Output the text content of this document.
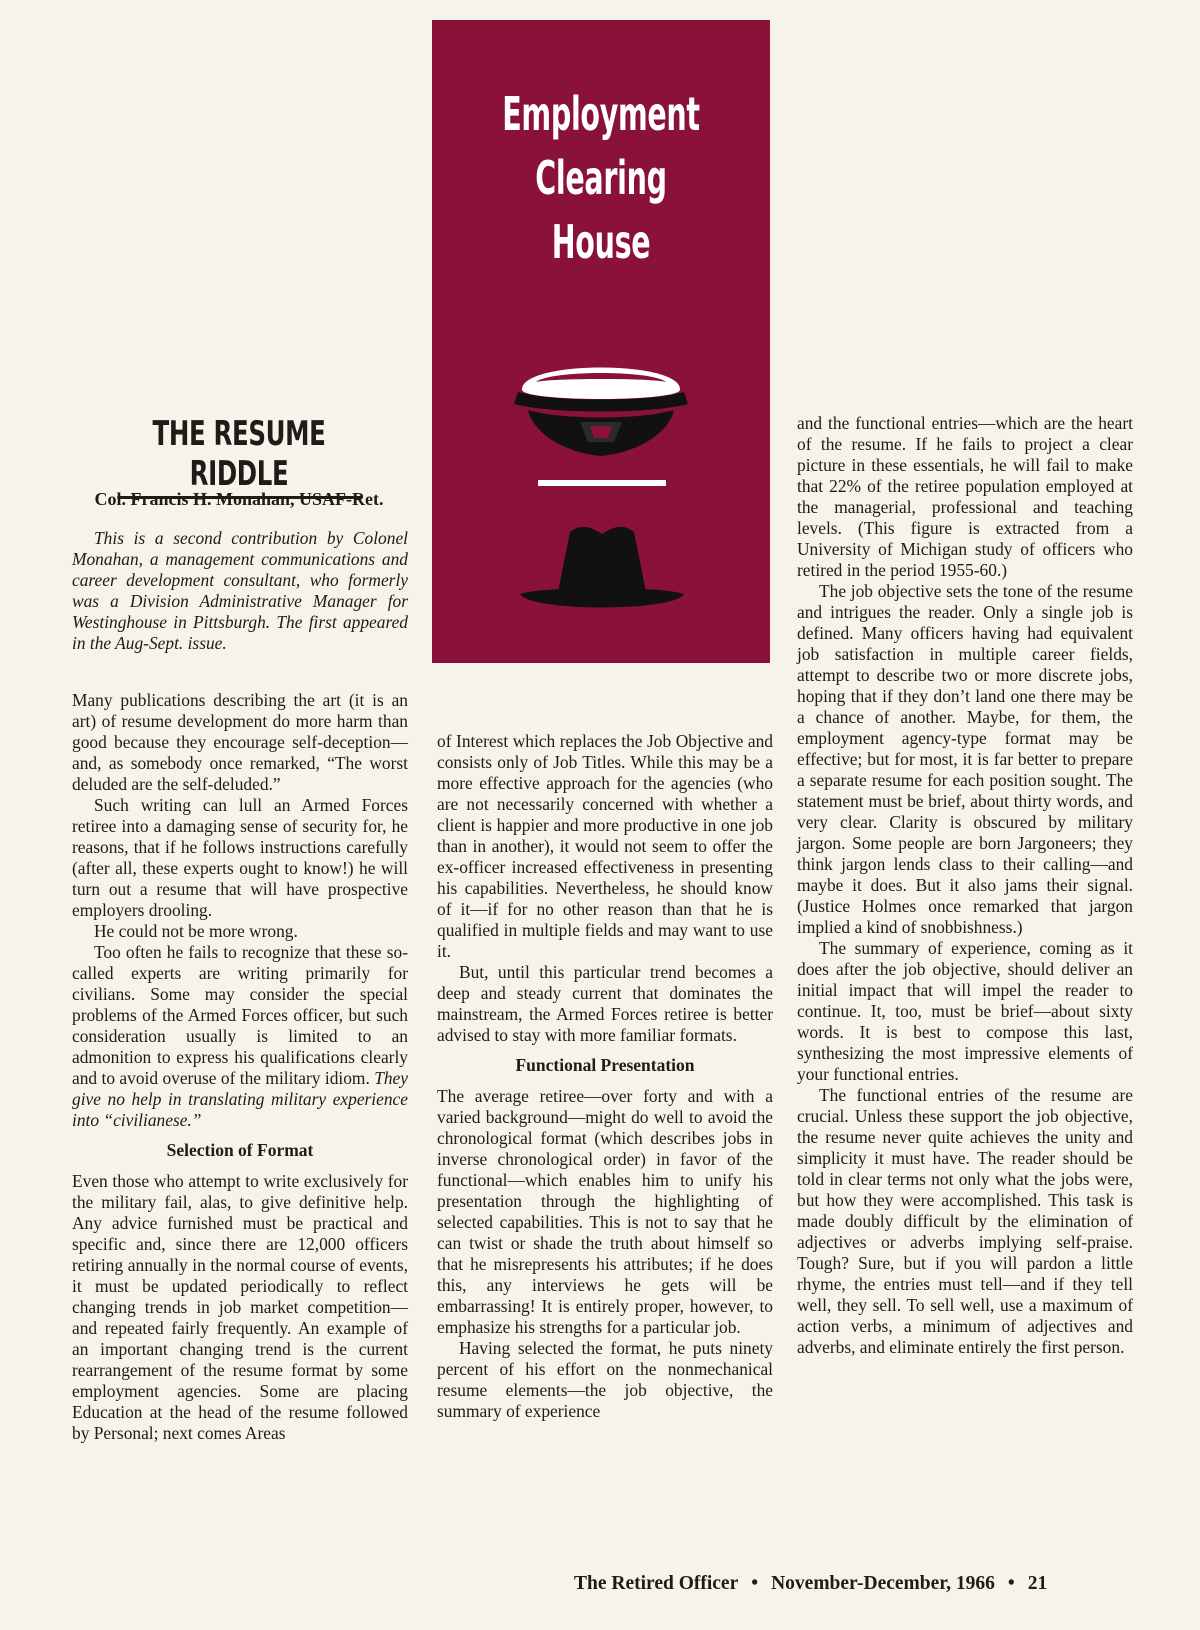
Employment
Clearing
House
THE RESUME RIDDLE
Col. Francis H. Monahan, USAF-Ret.

This is a second contribution by Colonel Monahan, a management communications and career development consultant, who formerly was a Division Administrative Manager for Westinghouse in Pittsburgh. The first appeared in the Aug-Sept. issue.

Many publications describing the art (it is an art) of resume development do more harm than good because they encourage self-deception—and, as somebody once remarked, “The worst deluded are the self-deluded.”

Such writing can lull an Armed Forces retiree into a damaging sense of security for, he reasons, that if he follows instructions carefully (after all, these experts ought to know!) he will turn out a resume that will have prospective employers drooling.

He could not be more wrong.

Too often he fails to recognize that these so-called experts are writing primarily for civilians. Some may consider the special problems of the Armed Forces officer, but such consideration usually is limited to an admonition to express his qualifications clearly and to avoid overuse of the military idiom. They give no help in translating military experience into “civilianese.”

Selection of Format

Even those who attempt to write exclusively for the military fail, alas, to give definitive help. Any advice furnished must be practical and specific and, since there are 12,000 officers retiring annually in the normal course of events, it must be updated periodically to reflect changing trends in job market competition—and repeated fairly frequently. An example of an important changing trend is the current rearrangement of the resume format by some employment agencies. Some are placing Education at the head of the resume followed by Personal; next comes Areas

of Interest which replaces the Job Objective and consists only of Job Titles. While this may be a more effective approach for the agencies (who are not necessarily concerned with whether a client is happier and more productive in one job than in another), it would not seem to offer the ex-officer increased effectiveness in presenting his capabilities. Nevertheless, he should know of it—if for no other reason than that he is qualified in multiple fields and may want to use it.

But, until this particular trend becomes a deep and steady current that dominates the mainstream, the Armed Forces retiree is better advised to stay with more familiar formats.

Functional Presentation

The average retiree—over forty and with a varied background—might do well to avoid the chronological format (which describes jobs in inverse chronological order) in favor of the functional—which enables him to unify his presentation through the highlighting of selected capabilities. This is not to say that he can twist or shade the truth about himself so that he misrepresents his attributes; if he does this, any interviews he gets will be embarrassing! It is entirely proper, however, to emphasize his strengths for a particular job.

Having selected the format, he puts ninety percent of his effort on the nonmechanical resume elements—the job objective, the summary of experience

and the functional entries—which are the heart of the resume. If he fails to project a clear picture in these essentials, he will fail to make that 22% of the retiree population employed at the managerial, professional and teaching levels. (This figure is extracted from a University of Michigan study of officers who retired in the period 1955-60.)

The job objective sets the tone of the resume and intrigues the reader. Only a single job is defined. Many officers having had equivalent job satisfaction in multiple career fields, attempt to describe two or more discrete jobs, hoping that if they don’t land one there may be a chance of another. Maybe, for them, the employment agency-type format may be effective; but for most, it is far better to prepare a separate resume for each position sought. The statement must be brief, about thirty words, and very clear. Clarity is obscured by military jargon. Some people are born Jargoneers; they think jargon lends class to their calling—and maybe it does. But it also jams their signal. (Justice Holmes once remarked that jargon implied a kind of snobbishness.)

The summary of experience, coming as it does after the job objective, should deliver an initial impact that will impel the reader to continue. It, too, must be brief—about sixty words. It is best to compose this last, synthesizing the most impressive elements of your functional entries.

The functional entries of the resume are crucial. Unless these support the job objective, the resume never quite achieves the unity and simplicity it must have. The reader should be told in clear terms not only what the jobs were, but how they were accomplished. This task is made doubly difficult by the elimination of adjectives or adverbs implying self-praise. Tough? Sure, but if you will pardon a little rhyme, the entries must tell—and if they tell well, they sell. To sell well, use a maximum of action verbs, a minimum of adjectives and adverbs, and eliminate entirely the first person.

The Retired Officer • November-December, 1966 • 21
